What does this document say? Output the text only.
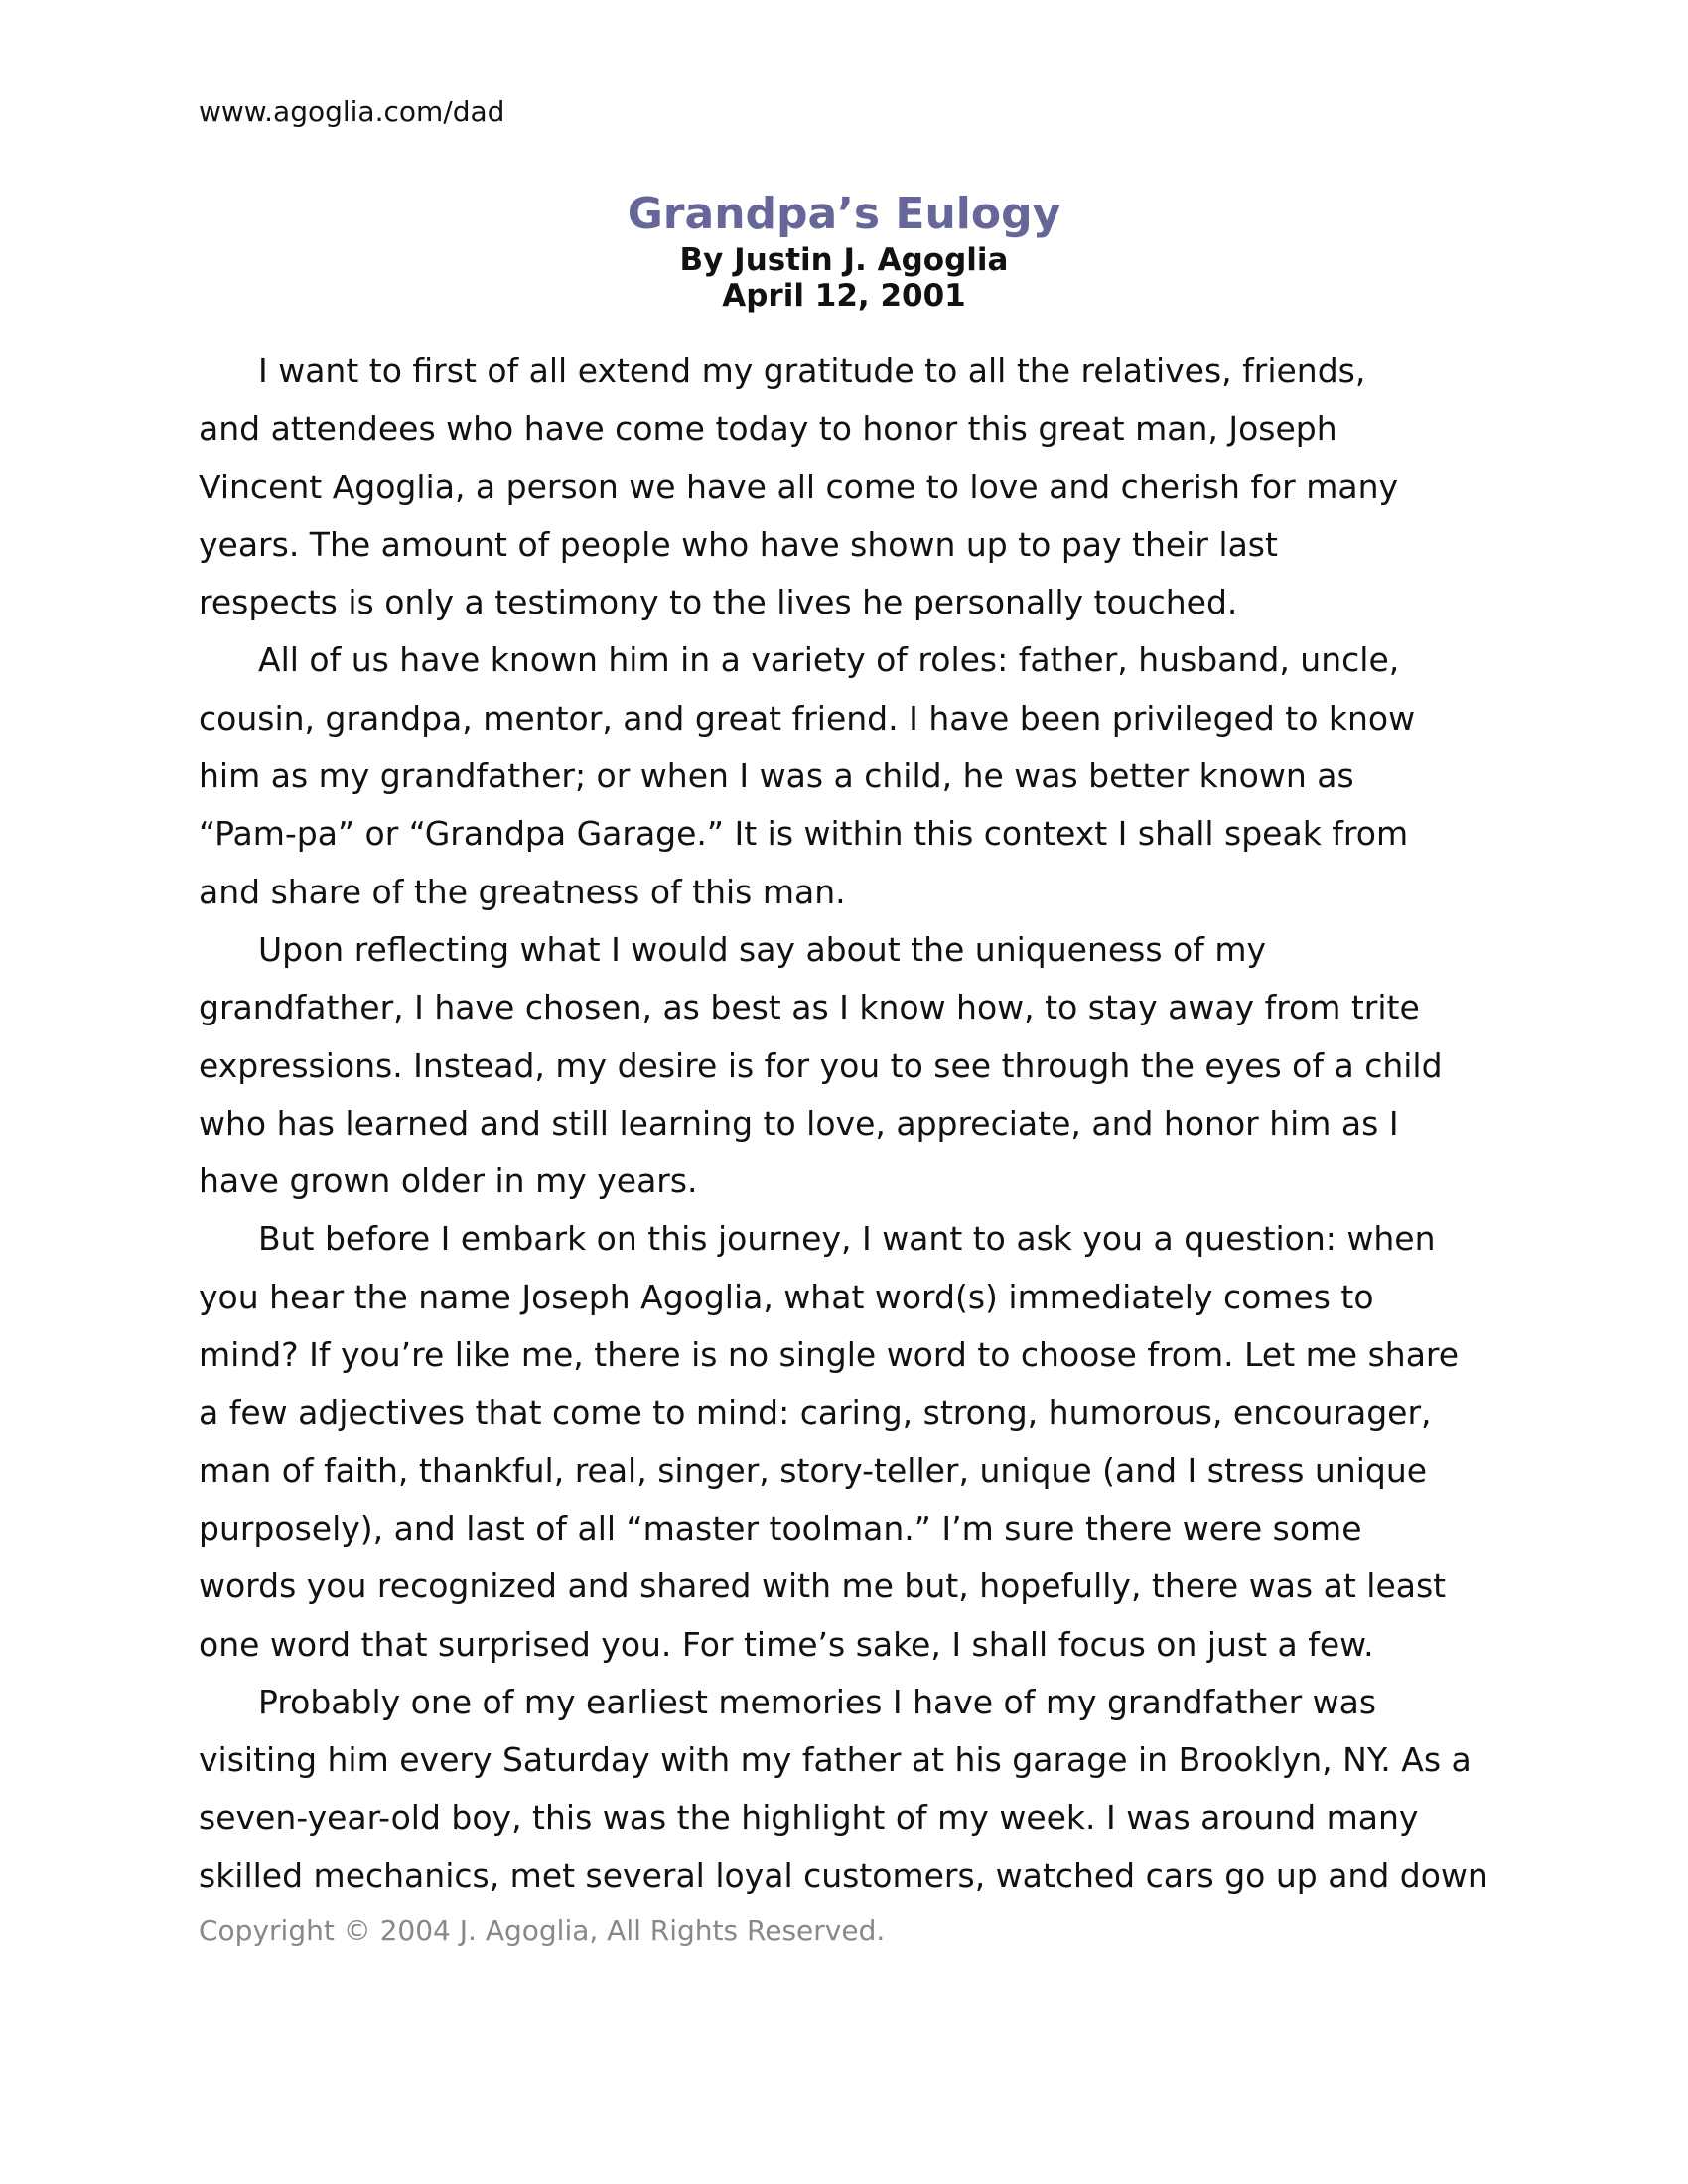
www.agoglia.com/dad
Grandpa’s Eulogy
By Justin J. Agoglia
April 12, 2001

I want to first of all extend my gratitude to all the relatives, friends,
and attendees who have come today to honor this great man, Joseph
Vincent Agoglia, a person we have all come to love and cherish for many
years. The amount of people who have shown up to pay their last
respects is only a testimony to the lives he personally touched.

All of us have known him in a variety of roles: father, husband, uncle,
cousin, grandpa, mentor, and great friend. I have been privileged to know
him as my grandfather; or when I was a child, he was better known as
“Pam-pa” or “Grandpa Garage.” It is within this context I shall speak from
and share of the greatness of this man.

Upon reflecting what I would say about the uniqueness of my
grandfather, I have chosen, as best as I know how, to stay away from trite
expressions. Instead, my desire is for you to see through the eyes of a child
who has learned and still learning to love, appreciate, and honor him as I
have grown older in my years.

But before I embark on this journey, I want to ask you a question: when
you hear the name Joseph Agoglia, what word(s) immediately comes to
mind? If you’re like me, there is no single word to choose from. Let me share
a few adjectives that come to mind: caring, strong, humorous, encourager,
man of faith, thankful, real, singer, story-teller, unique (and I stress unique
purposely), and last of all “master toolman.” I’m sure there were some
words you recognized and shared with me but, hopefully, there was at least
one word that surprised you. For time’s sake, I shall focus on just a few.

Probably one of my earliest memories I have of my grandfather was
visiting him every Saturday with my father at his garage in Brooklyn, NY. As a
seven-year-old boy, this was the highlight of my week. I was around many
skilled mechanics, met several loyal customers, watched cars go up and down

Copyright © 2004 J. Agoglia, All Rights Reserved.
